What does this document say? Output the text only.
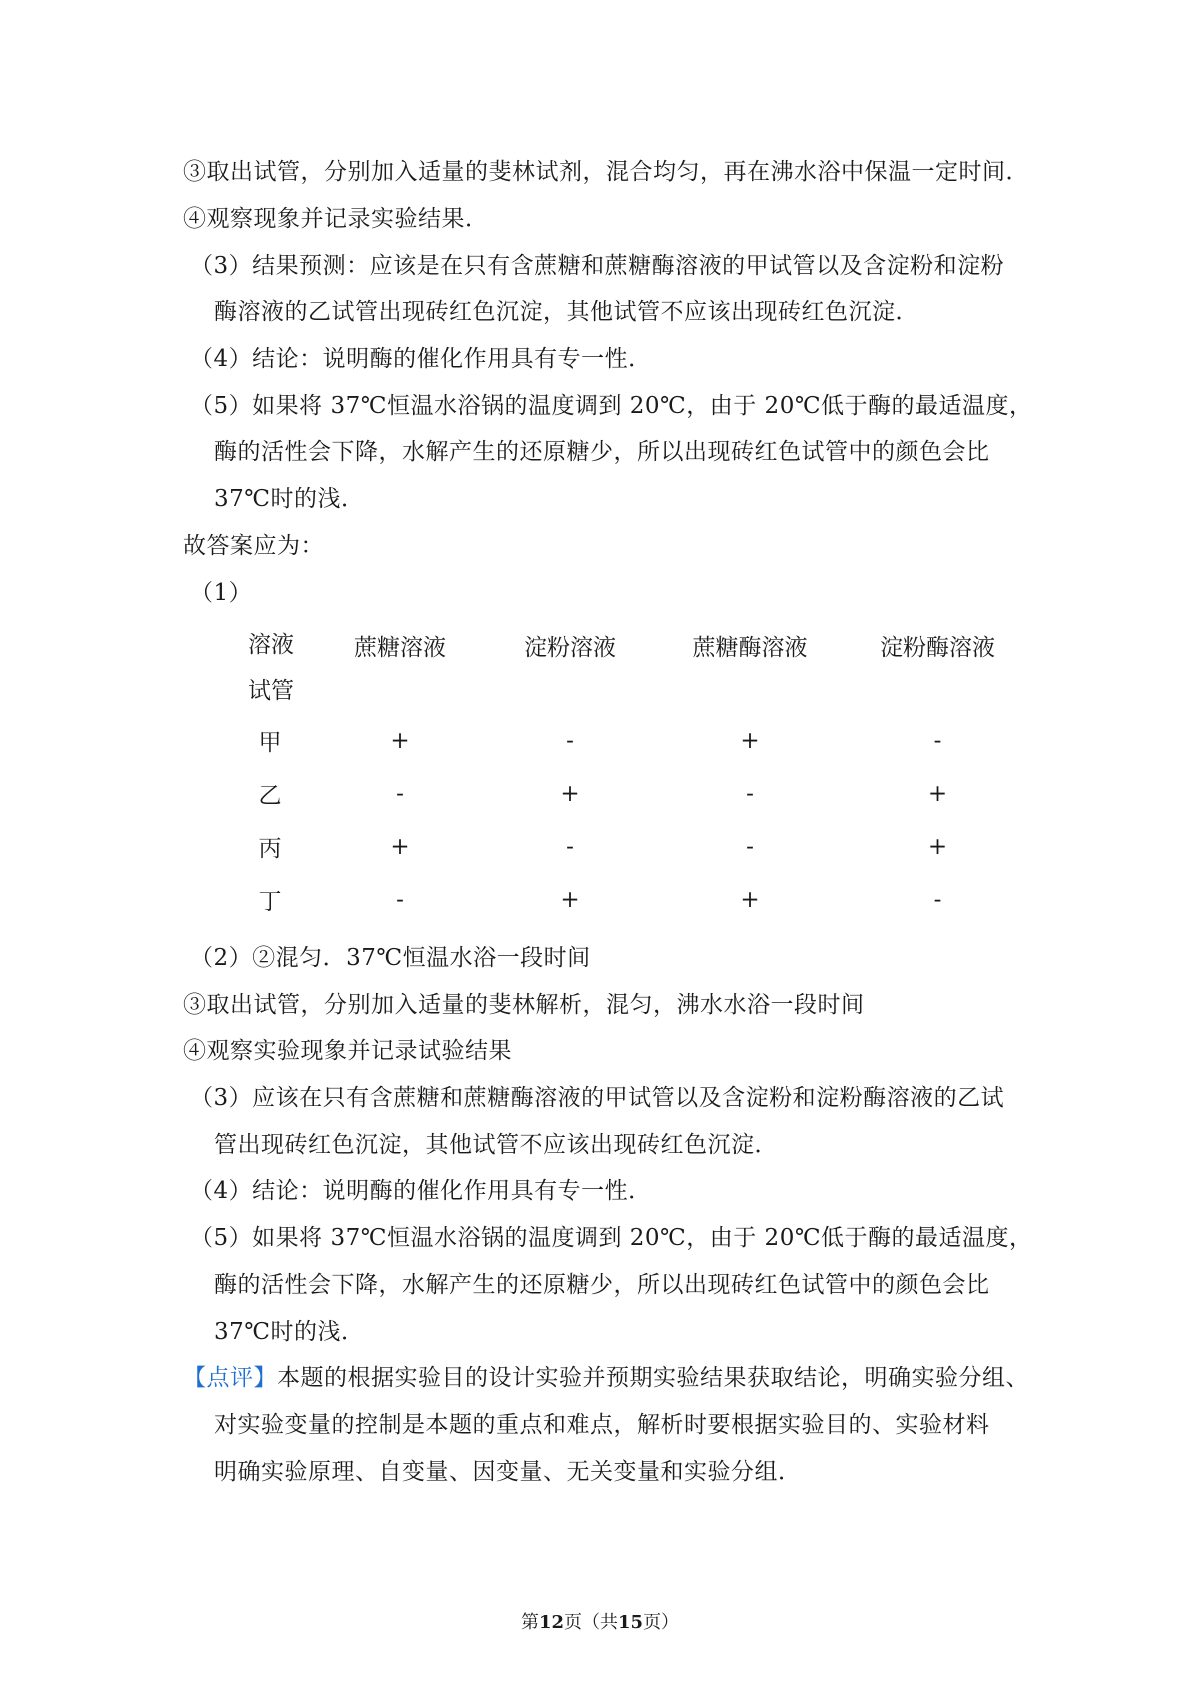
③取出试管，分别加入适量的斐林试剂，混合均匀，再在沸水浴中保温一定时间．
④观察现象并记录实验结果．
（3）结果预测：应该是在只有含蔗糖和蔗糖酶溶液的甲试管以及含淀粉和淀粉
酶溶液的乙试管出现砖红色沉淀，其他试管不应该出现砖红色沉淀．
（4）结论：说明酶的催化作用具有专一性．
（5）如果将 37℃恒温水浴锅的温度调到 20℃，由于 20℃低于酶的最适温度，
酶的活性会下降，水解产生的还原糖少，所以出现砖红色试管中的颜色会比
37℃时的浅．
故答案应为：
（1）
溶液	蔗糖溶液	淀粉溶液	蔗糖酶溶液	淀粉酶溶液

试管				

甲	+	-	+	-
乙	-	+	-	+
丙	+	-	-	+
丁	-	+	+	-
（2）②混匀．37℃恒温水浴一段时间
③取出试管，分别加入适量的斐林解析，混匀，沸水水浴一段时间
④观察实验现象并记录试验结果
（3）应该在只有含蔗糖和蔗糖酶溶液的甲试管以及含淀粉和淀粉酶溶液的乙试
管出现砖红色沉淀，其他试管不应该出现砖红色沉淀．
（4）结论：说明酶的催化作用具有专一性．
（5）如果将 37℃恒温水浴锅的温度调到 20℃，由于 20℃低于酶的最适温度，
酶的活性会下降，水解产生的还原糖少，所以出现砖红色试管中的颜色会比
37℃时的浅．
【点评】本题的根据实验目的设计实验并预期实验结果获取结论，明确实验分组、
对实验变量的控制是本题的重点和难点，解析时要根据实验目的、实验材料
明确实验原理、自变量、因变量、无关变量和实验分组．
第12页（共15页）
